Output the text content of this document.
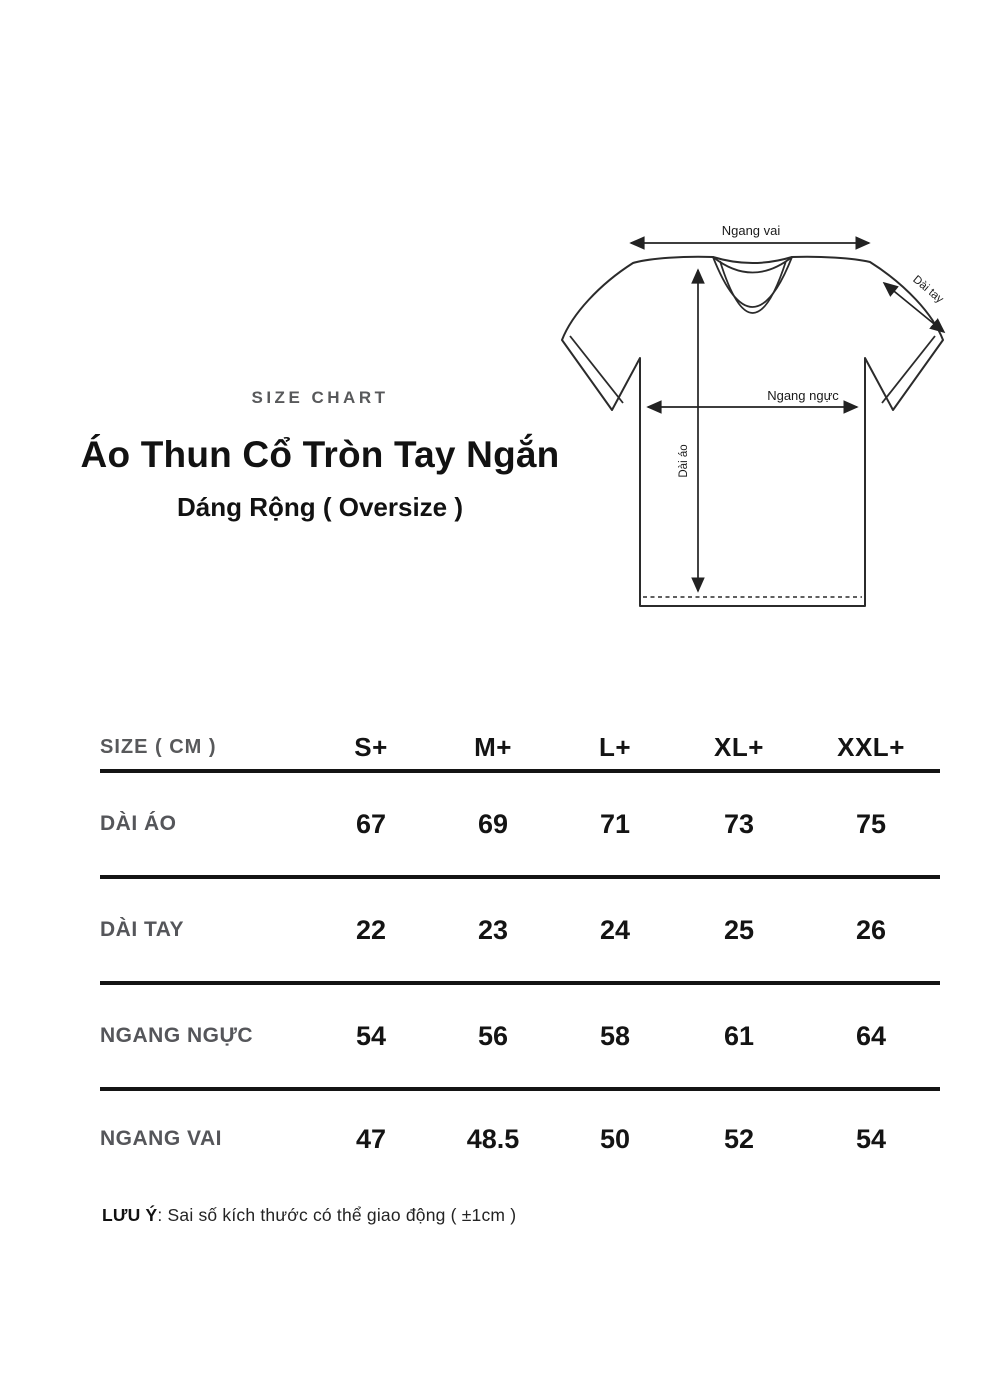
SIZE CHART
Áo Thun Cổ Tròn Tay Ngắn
Dáng Rộng ( Oversize )
Ngang vai
Dài tay
Ngang ngực
Dài áo
SIZE ( CM )	S+	M+	L+	XL+	XXL+
DÀI ÁO	67	69	71	73	75
DÀI TAY	22	23	24	25	26
NGANG NGỰC	54	56	58	61	64
NGANG VAI	47	48.5	50	52	54

LƯU Ý: Sai số kích thước có thể giao động ( ±1cm )
